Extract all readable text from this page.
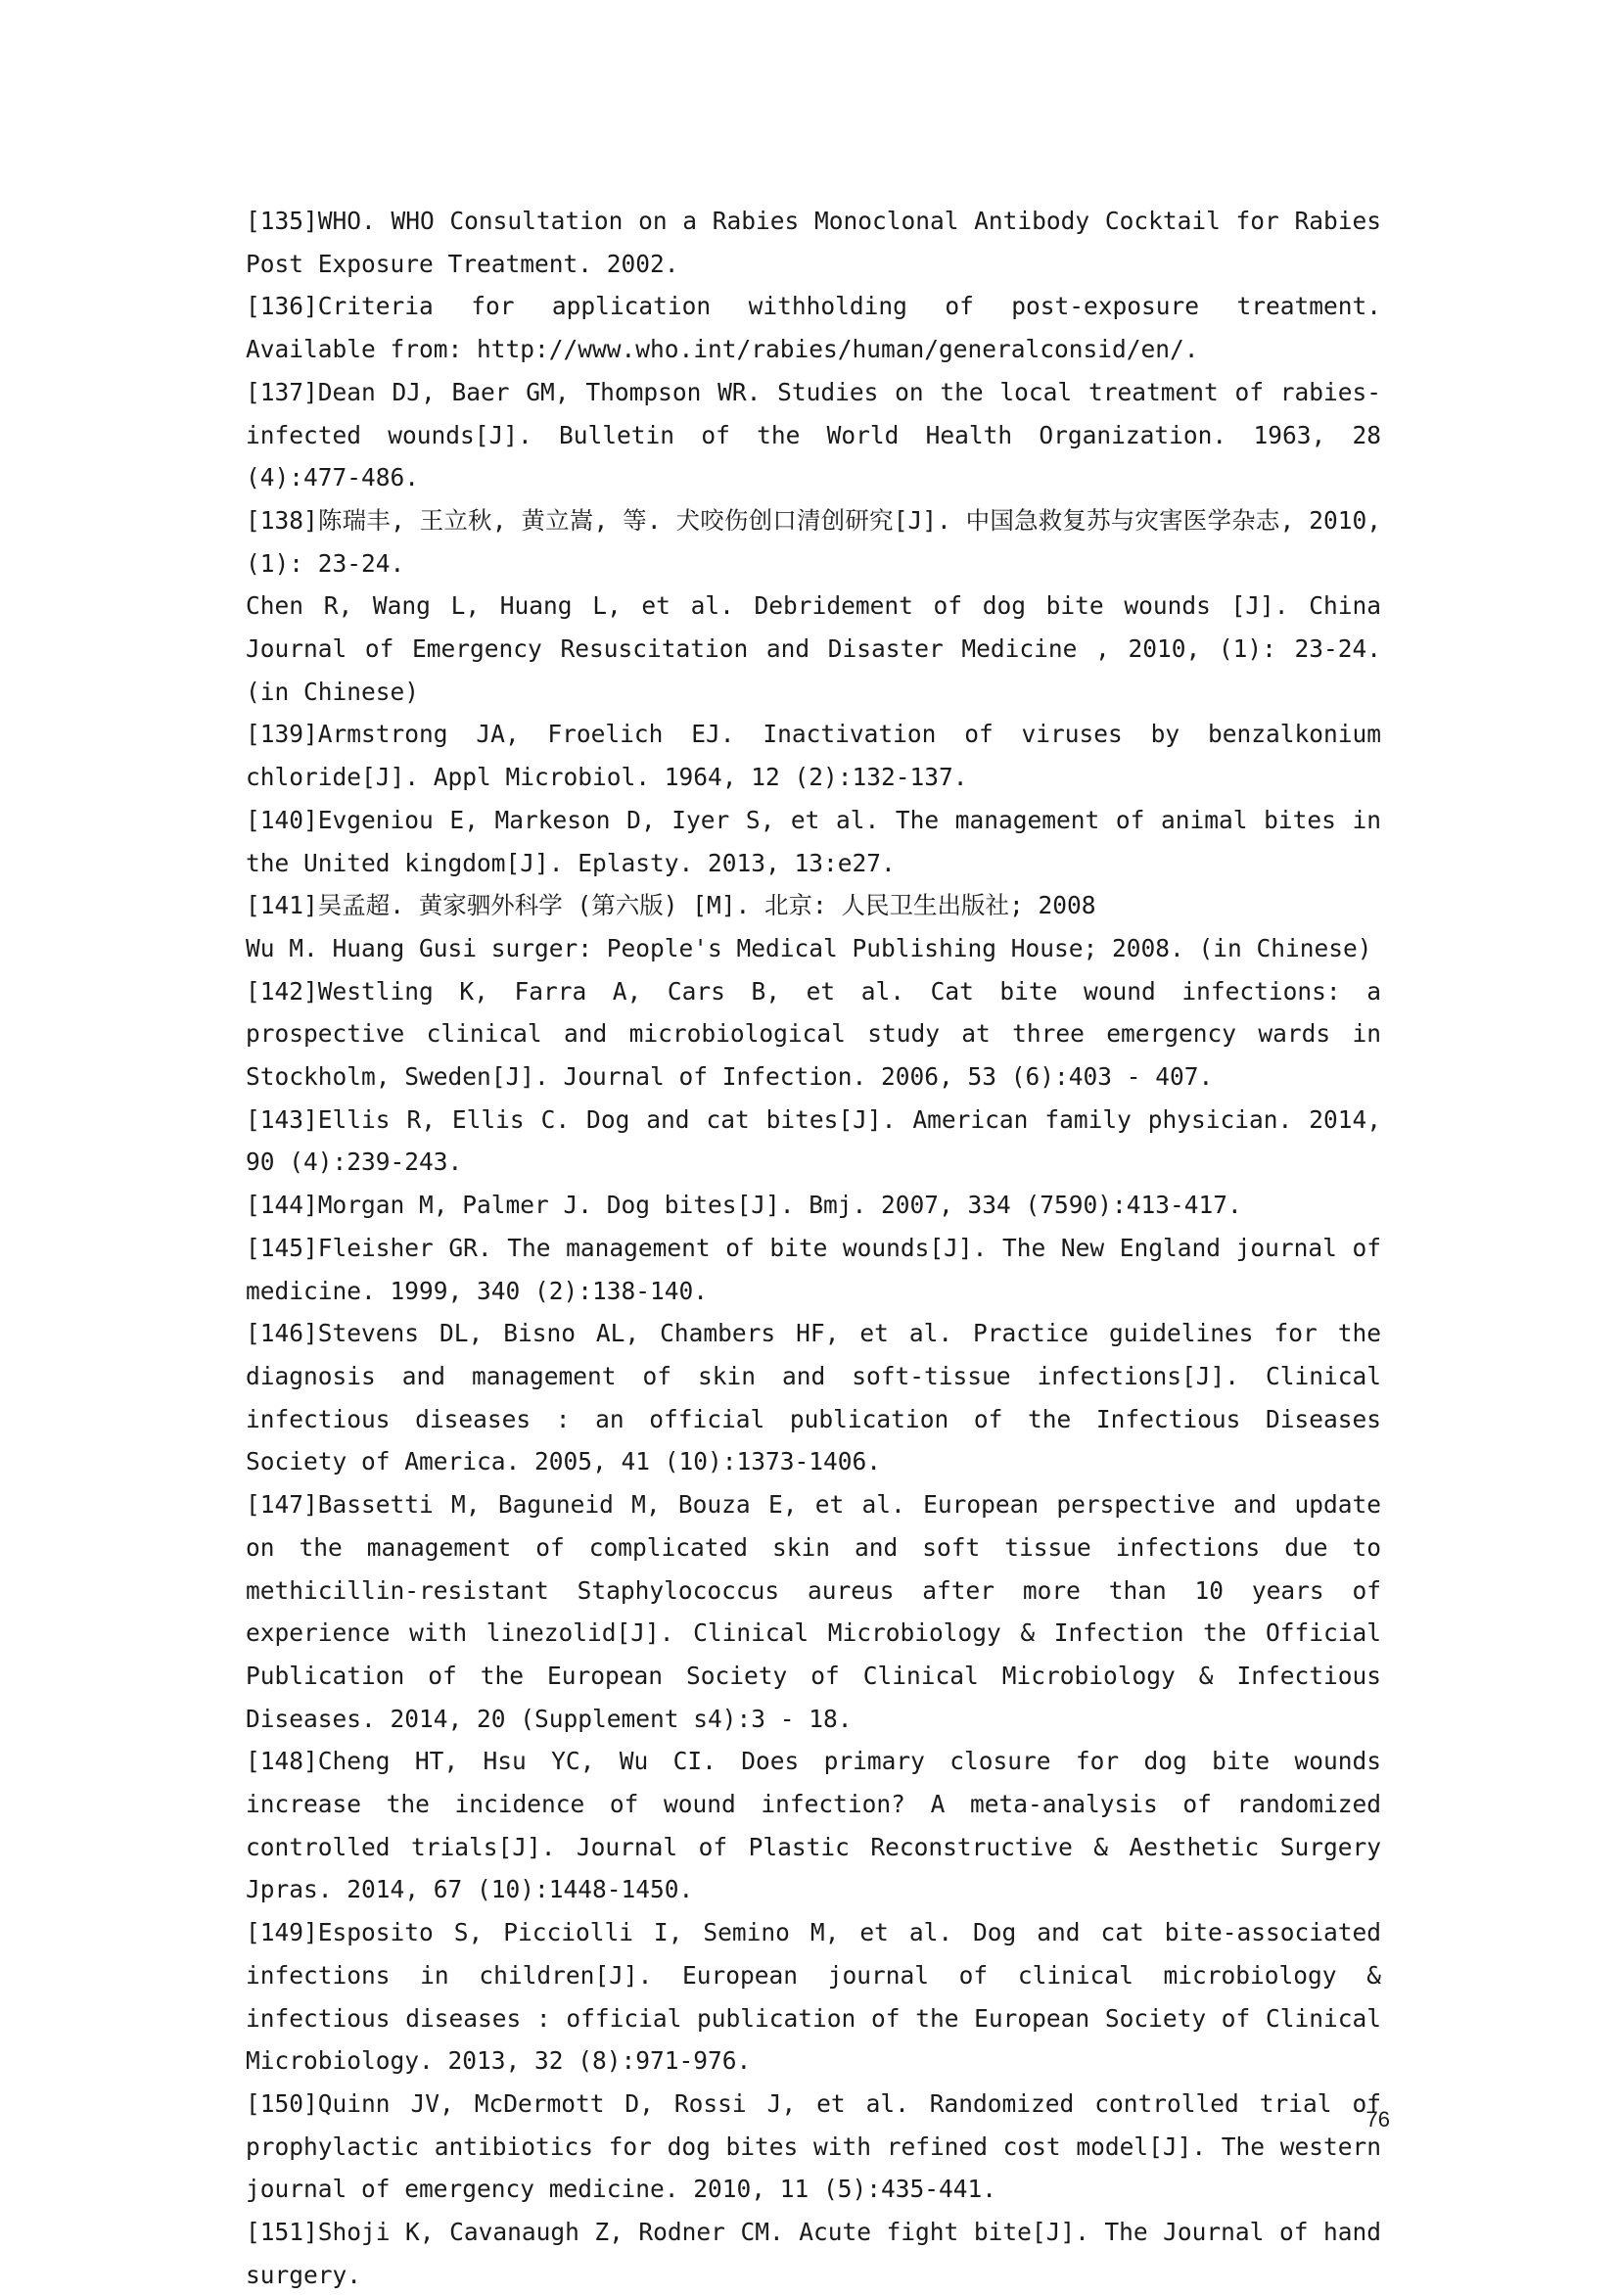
[135]WHO. WHO Consultation on a Rabies Monoclonal Antibody Cocktail for Rabies Post Exposure Treatment. 2002.

[136]Criteria for application withholding of post-exposure treatment. Available from: http://www.who.int/rabies/human/generalconsid/en/.

[137]Dean DJ, Baer GM, Thompson WR. Studies on the local treatment of rabies-infected wounds[J]. Bulletin of the World Health Organization. 1963, 28 (4):477-486.

[138]陈瑞丰, 王立秋, 黄立嵩, 等. 犬咬伤创口清创研究[J]. 中国急救复苏与灾害医学杂志, 2010, (1): 23-24.

Chen R, Wang L, Huang L, et al. Debridement of dog bite wounds [J]. China Journal of Emergency Resuscitation and Disaster Medicine , 2010, (1): 23-24. (in Chinese)

[139]Armstrong JA, Froelich EJ. Inactivation of viruses by benzalkonium chloride[J]. Appl Microbiol. 1964, 12 (2):132-137.

[140]Evgeniou E, Markeson D, Iyer S, et al. The management of animal bites in the United kingdom[J]. Eplasty. 2013, 13:e27.

[141]吴孟超. 黄家驷外科学 (第六版) [M]. 北京: 人民卫生出版社; 2008

Wu M. Huang Gusi surger: People's Medical Publishing House; 2008. (in Chinese)

[142]Westling K, Farra A, Cars B, et al. Cat bite wound infections: a prospective clinical and microbiological study at three emergency wards in Stockholm, Sweden[J]. Journal of Infection. 2006, 53 (6):403 - 407.

[143]Ellis R, Ellis C. Dog and cat bites[J]. American family physician. 2014, 90 (4):239-243.

[144]Morgan M, Palmer J. Dog bites[J]. Bmj. 2007, 334 (7590):413-417.

[145]Fleisher GR. The management of bite wounds[J]. The New England journal of medicine. 1999, 340 (2):138-140.

[146]Stevens DL, Bisno AL, Chambers HF, et al. Practice guidelines for the diagnosis and management of skin and soft-tissue infections[J]. Clinical infectious diseases : an official publication of the Infectious Diseases Society of America. 2005, 41 (10):1373-1406.

[147]Bassetti M, Baguneid M, Bouza E, et al. European perspective and update on the management of complicated skin and soft tissue infections due to methicillin-resistant Staphylococcus aureus after more than 10 years of experience with linezolid[J]. Clinical Microbiology & Infection the Official Publication of the European Society of Clinical Microbiology & Infectious Diseases. 2014, 20 (Supplement s4):3 - 18.

[148]Cheng HT, Hsu YC, Wu CI. Does primary closure for dog bite wounds increase the incidence of wound infection? A meta-analysis of randomized controlled trials[J]. Journal of Plastic Reconstructive & Aesthetic Surgery Jpras. 2014, 67 (10):1448-1450.

[149]Esposito S, Picciolli I, Semino M, et al. Dog and cat bite-associated infections in children[J]. European journal of clinical microbiology & infectious diseases : official publication of the European Society of Clinical Microbiology. 2013, 32 (8):971-976.

[150]Quinn JV, McDermott D, Rossi J, et al. Randomized controlled trial of prophylactic antibiotics for dog bites with refined cost model[J]. The western journal of emergency medicine. 2010, 11 (5):435-441.

[151]Shoji K, Cavanaugh Z, Rodner CM. Acute fight bite[J]. The Journal of hand surgery.

76
